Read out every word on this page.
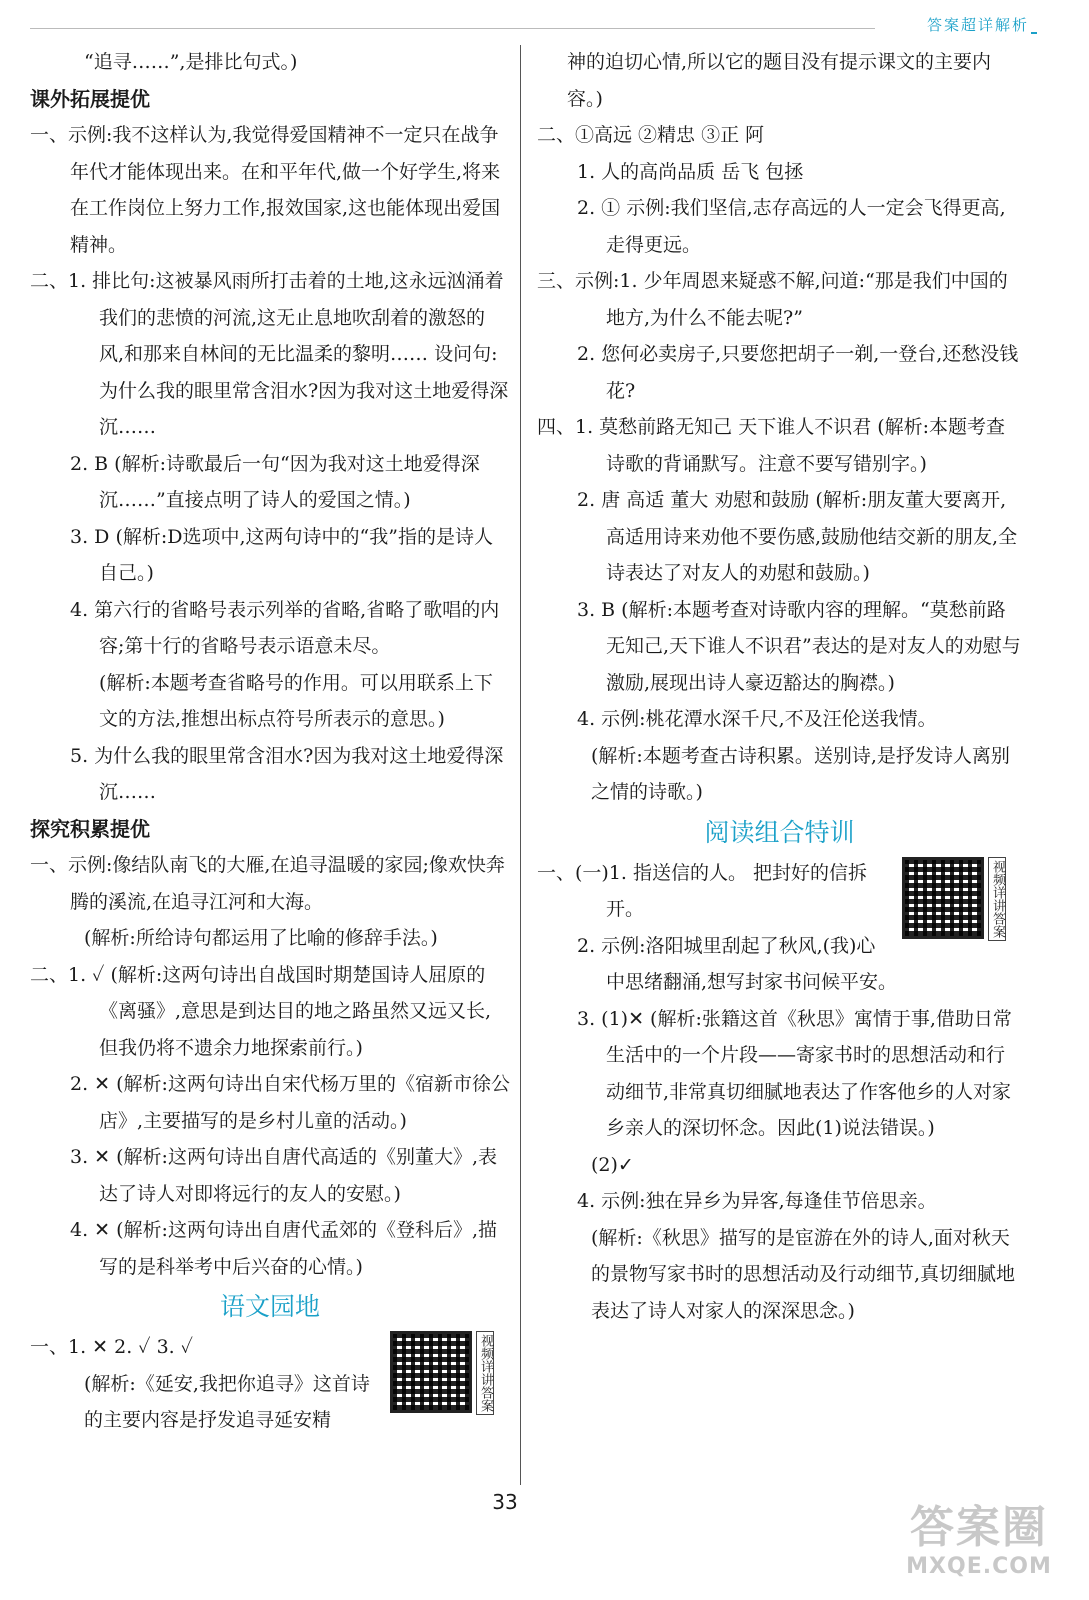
答案超详解析

“追寻……”,是排比句式。)

课外拓展提优

一、示例:我不这样认为,我觉得爱国精神不一定只在战争年代才能体现出来。在和平年代,做一个好学生,将来在工作岗位上努力工作,报效国家,这也能体现出爱国精神。

二、1. 排比句:这被暴风雨所打击着的土地,这永远汹涌着我们的悲愤的河流,这无止息地吹刮着的激怒的风,和那来自林间的无比温柔的黎明…… 设问句:为什么我的眼里常含泪水?因为我对这土地爱得深沉……

2. B (解析:诗歌最后一句“因为我对这土地爱得深沉……”直接点明了诗人的爱国之情。)

3. D (解析:D选项中,这两句诗中的“我”指的是诗人自己。)

4. 第六行的省略号表示列举的省略,省略了歌唱的内容;第十行的省略号表示语意未尽。

(解析:本题考查省略号的作用。可以用联系上下文的方法,推想出标点符号所表示的意思。)

5. 为什么我的眼里常含泪水?因为我对这土地爱得深沉……

探究积累提优

一、示例:像结队南飞的大雁,在追寻温暖的家园;像欢快奔腾的溪流,在追寻江河和大海。

(解析:所给诗句都运用了比喻的修辞手法。)

二、1. ✓ (解析:这两句诗出自战国时期楚国诗人屈原的《离骚》,意思是到达目的地之路虽然又远又长,但我仍将不遗余力地探索前行。)

2. ✕ (解析:这两句诗出自宋代杨万里的《宿新市徐公店》,主要描写的是乡村儿童的活动。)

3. ✕ (解析:这两句诗出自唐代高适的《别董大》,表达了诗人对即将远行的友人的安慰。)

4. ✕ (解析:这两句诗出自唐代孟郊的《登科后》,描写的是科举考中后兴奋的心情。)

语文园地

视频详讲答案

一、1. ✕ 2. ✓ 3. ✓

(解析:《延安,我把你追寻》这首诗的主要内容是抒发追寻延安精

神的迫切心情,所以它的题目没有提示课文的主要内容。)

二、①高远 ②精忠 ③正 阿

1. 人的高尚品质 岳飞 包拯

2. ① 示例:我们坚信,志存高远的人一定会飞得更高,走得更远。

三、示例:1. 少年周恩来疑惑不解,问道:“那是我们中国的地方,为什么不能去呢?”

2. 您何必卖房子,只要您把胡子一剃,一登台,还愁没钱花?

四、1. 莫愁前路无知己 天下谁人不识君 (解析:本题考查诗歌的背诵默写。注意不要写错别字。)

2. 唐 高适 董大 劝慰和鼓励 (解析:朋友董大要离开,高适用诗来劝他不要伤感,鼓励他结交新的朋友,全诗表达了对友人的劝慰和鼓励。)

3. B (解析:本题考查对诗歌内容的理解。“莫愁前路无知己,天下谁人不识君”表达的是对友人的劝慰与激励,展现出诗人豪迈豁达的胸襟。)

4. 示例:桃花潭水深千尺,不及汪伦送我情。

(解析:本题考查古诗积累。送别诗,是抒发诗人离别之情的诗歌。)

阅读组合特训

视频详讲答案

一、(一)1. 指送信的人。 把封好的信拆开。

2. 示例:洛阳城里刮起了秋风,(我)心中思绪翻涌,想写封家书问候平安。

3. (1)✕ (解析:张籍这首《秋思》寓情于事,借助日常生活中的一个片段——寄家书时的思想活动和行动细节,非常真切细腻地表达了作客他乡的人对家乡亲人的深切怀念。因此(1)说法错误。)

(2)✓

4. 示例:独在异乡为异客,每逢佳节倍思亲。

(解析:《秋思》描写的是宦游在外的诗人,面对秋天的景物写家书时的思想活动及行动细节,真切细腻地表达了诗人对家人的深深思念。)

33	答案圈
MXQE.COM
